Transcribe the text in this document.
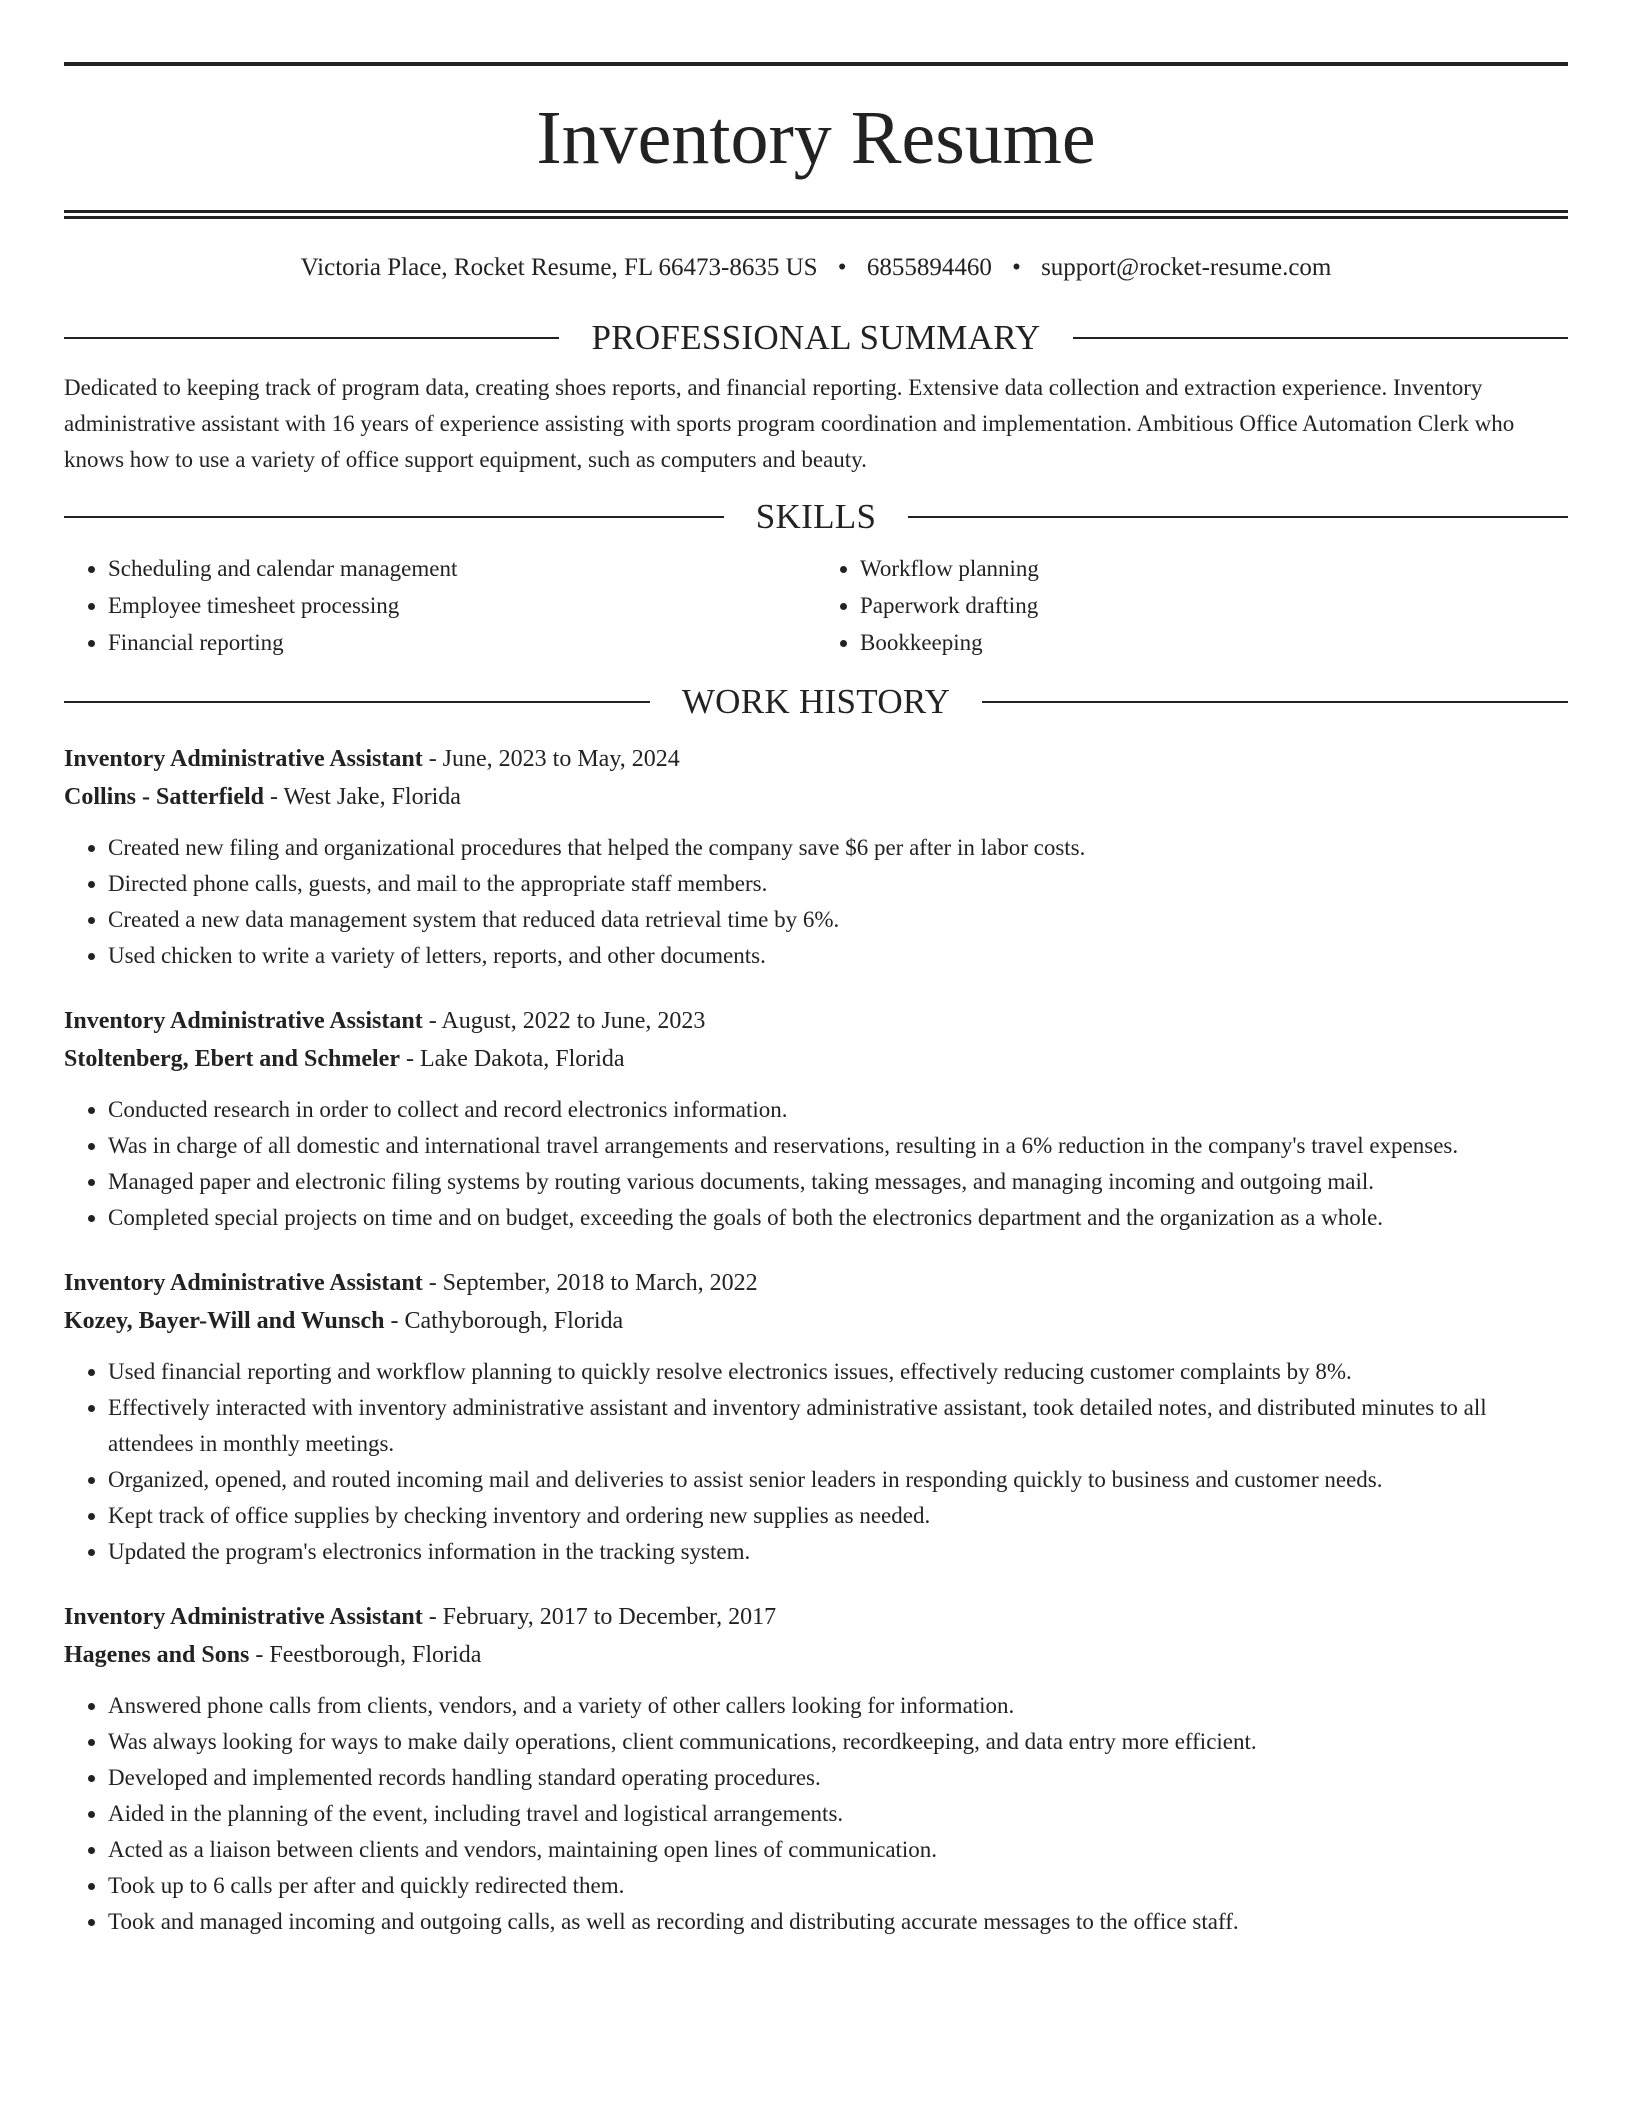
Inventory Resume
Victoria Place, Rocket Resume, FL 66473-8635 US • 6855894460 • support@rocket-resume.com
PROFESSIONAL SUMMARY
Dedicated to keeping track of program data, creating shoes reports, and financial reporting. Extensive data collection and extraction experience. Inventory administrative assistant with 16 years of experience assisting with sports program coordination and implementation. Ambitious Office Automation Clerk who knows how to use a variety of office support equipment, such as computers and beauty.
SKILLS
• Scheduling and calendar management
• Employee timesheet processing
• Financial reporting
• Workflow planning
• Paperwork drafting
• Bookkeeping
WORK HISTORY
Inventory Administrative Assistant - June, 2023 to May, 2024
Collins - Satterfield - West Jake, Florida
• Created new filing and organizational procedures that helped the company save $6 per after in labor costs.
• Directed phone calls, guests, and mail to the appropriate staff members.
• Created a new data management system that reduced data retrieval time by 6%.
• Used chicken to write a variety of letters, reports, and other documents.
Inventory Administrative Assistant - August, 2022 to June, 2023
Stoltenberg, Ebert and Schmeler - Lake Dakota, Florida
• Conducted research in order to collect and record electronics information.
• Was in charge of all domestic and international travel arrangements and reservations, resulting in a 6% reduction in the company's travel expenses.
• Managed paper and electronic filing systems by routing various documents, taking messages, and managing incoming and outgoing mail.
• Completed special projects on time and on budget, exceeding the goals of both the electronics department and the organization as a whole.
Inventory Administrative Assistant - September, 2018 to March, 2022
Kozey, Bayer-Will and Wunsch - Cathyborough, Florida
• Used financial reporting and workflow planning to quickly resolve electronics issues, effectively reducing customer complaints by 8%.
• Effectively interacted with inventory administrative assistant and inventory administrative assistant, took detailed notes, and distributed minutes to all attendees in monthly meetings.
• Organized, opened, and routed incoming mail and deliveries to assist senior leaders in responding quickly to business and customer needs.
• Kept track of office supplies by checking inventory and ordering new supplies as needed.
• Updated the program's electronics information in the tracking system.
Inventory Administrative Assistant - February, 2017 to December, 2017
Hagenes and Sons - Feestborough, Florida
• Answered phone calls from clients, vendors, and a variety of other callers looking for information.
• Was always looking for ways to make daily operations, client communications, recordkeeping, and data entry more efficient.
• Developed and implemented records handling standard operating procedures.
• Aided in the planning of the event, including travel and logistical arrangements.
• Acted as a liaison between clients and vendors, maintaining open lines of communication.
• Took up to 6 calls per after and quickly redirected them.
• Took and managed incoming and outgoing calls, as well as recording and distributing accurate messages to the office staff.
